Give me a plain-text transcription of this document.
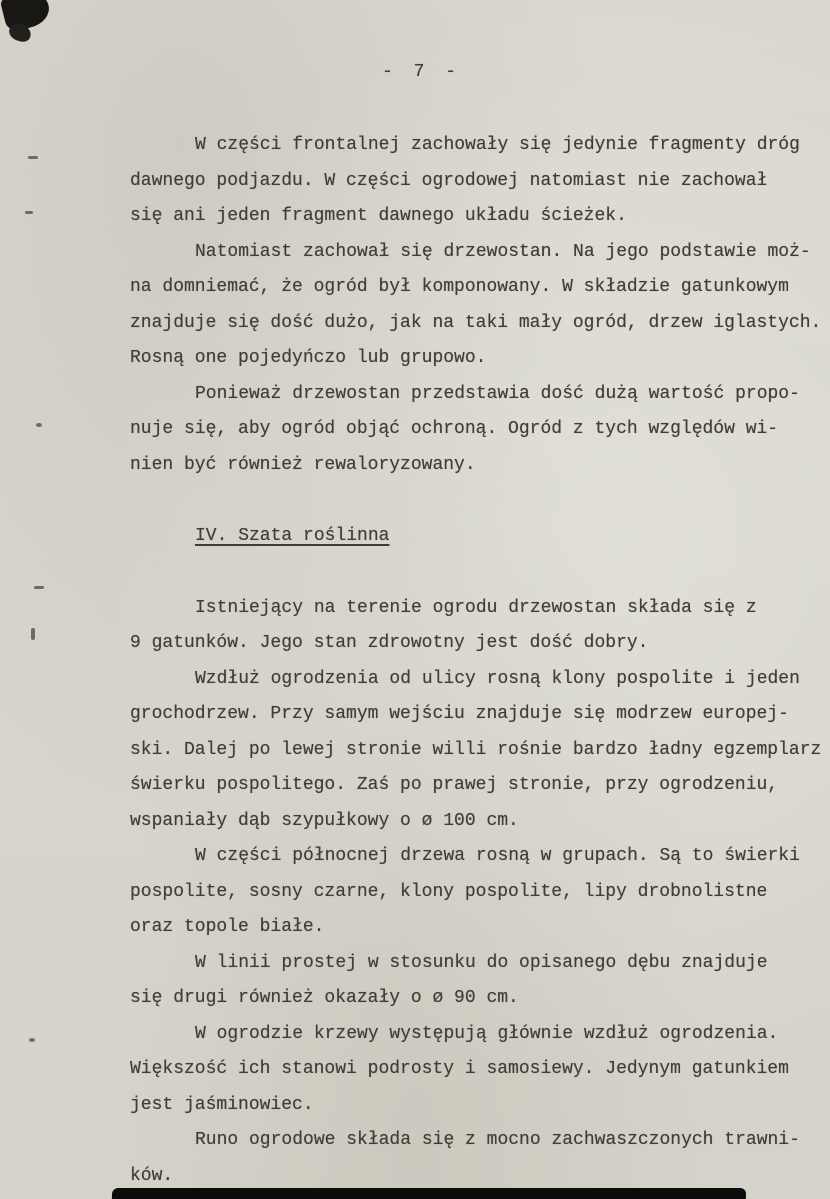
- 7 -
W części frontalnej zachowały się jedynie fragmenty dróg
dawnego podjazdu. W części ogrodowej natomiast nie zachował
się ani jeden fragment dawnego układu ścieżek.
Natomiast zachował się drzewostan. Na jego podstawie moż-
na domniemać, że ogród był komponowany. W składzie gatunkowym
znajduje się dość dużo, jak na taki mały ogród, drzew iglastych.
Rosną one pojedyńczo lub grupowo.
Ponieważ drzewostan przedstawia dość dużą wartość propo-
nuje się, aby ogród objąć ochroną. Ogród z tych względów wi-
nien być również rewaloryzowany.
IV. Szata roślinna
Istniejący na terenie ogrodu drzewostan składa się z
9 gatunków. Jego stan zdrowotny jest dość dobry.
Wzdłuż ogrodzenia od ulicy rosną klony pospolite i jeden
grochodrzew. Przy samym wejściu znajduje się modrzew europej-
ski. Dalej po lewej stronie willi rośnie bardzo ładny egzemplarz
świerku pospolitego. Zaś po prawej stronie, przy ogrodzeniu,
wspaniały dąb szypułkowy o ø 100 cm.
W części północnej drzewa rosną w grupach. Są to świerki
pospolite, sosny czarne, klony pospolite, lipy drobnolistne
oraz topole białe.
W linii prostej w stosunku do opisanego dębu znajduje
się drugi również okazały o ø 90 cm.
W ogrodzie krzewy występują głównie wzdłuż ogrodzenia.
Większość ich stanowi podrosty i samosiewy. Jedynym gatunkiem
jest jaśminowiec.
Runo ogrodowe składa się z mocno zachwaszczonych trawni-
ków.
